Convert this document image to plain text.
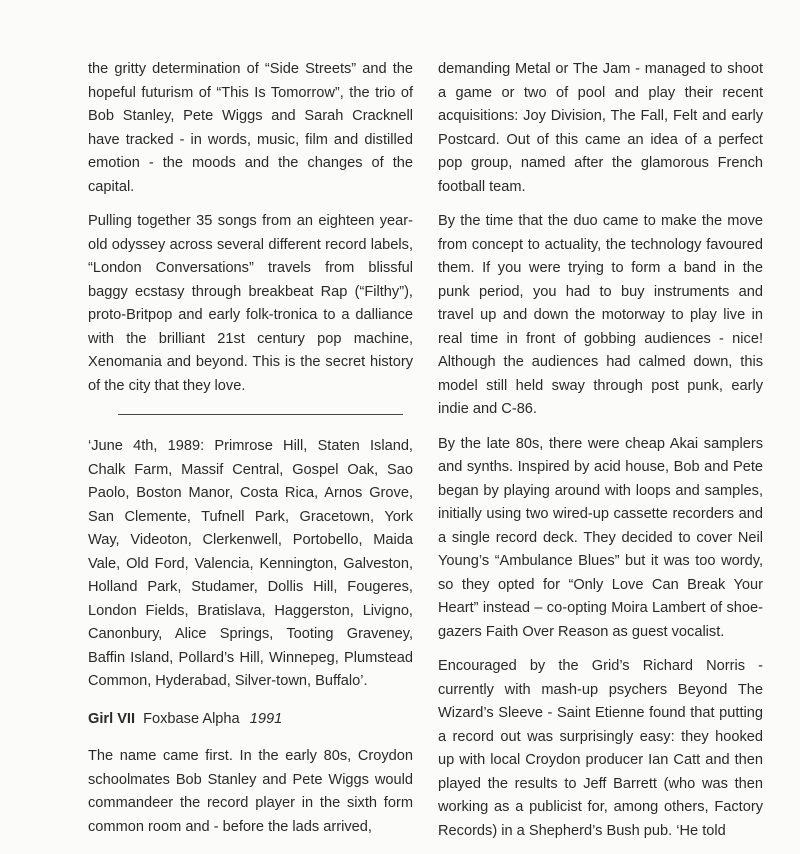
the gritty determination of “Side Streets” and the hopeful futurism of “This Is Tomorrow”, the trio of Bob Stanley, Pete Wiggs and Sarah Cracknell have tracked - in words, music, film and distilled emotion - the moods and the changes of the capital.

Pulling together 35 songs from an eighteen year-old odyssey across several different record labels, “London Conversations” travels from blissful baggy ecstasy through breakbeat Rap (“Filthy”), proto-Britpop and early folk-tronica to a dalliance with the brilliant 21st century pop machine, Xenomania and beyond. This is the secret history of the city that they love.

‘June 4th, 1989: Primrose Hill, Staten Island, Chalk Farm, Massif Central, Gospel Oak, Sao Paolo, Boston Manor, Costa Rica, Arnos Grove, San Clemente, Tufnell Park, Gracetown, York Way, Videoton, Clerkenwell, Portobello, Maida Vale, Old Ford, Valencia, Kennington, Galveston, Holland Park, Studamer, Dollis Hill, Fougeres, London Fields, Bratislava, Haggerston, Livigno, Canonbury, Alice Springs, Tooting Graveney, Baffin Island, Pollard’s Hill, Winnepeg, Plumstead Common, Hyderabad, Silver-town, Buffalo’.

Girl VII Foxbase Alpha 1991

The name came first. In the early 80s, Croydon schoolmates Bob Stanley and Pete Wiggs would commandeer the record player in the sixth form common room and - before the lads arrived,

demanding Metal or The Jam - managed to shoot a game or two of pool and play their recent acquisitions: Joy Division, The Fall, Felt and early Postcard. Out of this came an idea of a perfect pop group, named after the glamorous French football team.

By the time that the duo came to make the move from concept to actuality, the technology favoured them. If you were trying to form a band in the punk period, you had to buy instruments and travel up and down the motorway to play live in real time in front of gobbing audiences - nice! Although the audiences had calmed down, this model still held sway through post punk, early indie and C-86.

By the late 80s, there were cheap Akai samplers and synths. Inspired by acid house, Bob and Pete began by playing around with loops and samples, initially using two wired-up cassette recorders and a single record deck. They decided to cover Neil Young’s “Ambulance Blues” but it was too wordy, so they opted for “Only Love Can Break Your Heart” instead – co-opting Moira Lambert of shoe-gazers Faith Over Reason as guest vocalist.

Encouraged by the Grid’s Richard Norris - currently with mash-up psychers Beyond The Wizard’s Sleeve - Saint Etienne found that putting a record out was surprisingly easy: they hooked up with local Croydon producer Ian Catt and then played the results to Jeff Barrett (who was then working as a publicist for, among others, Factory Records) in a Shepherd’s Bush pub. ‘He told
